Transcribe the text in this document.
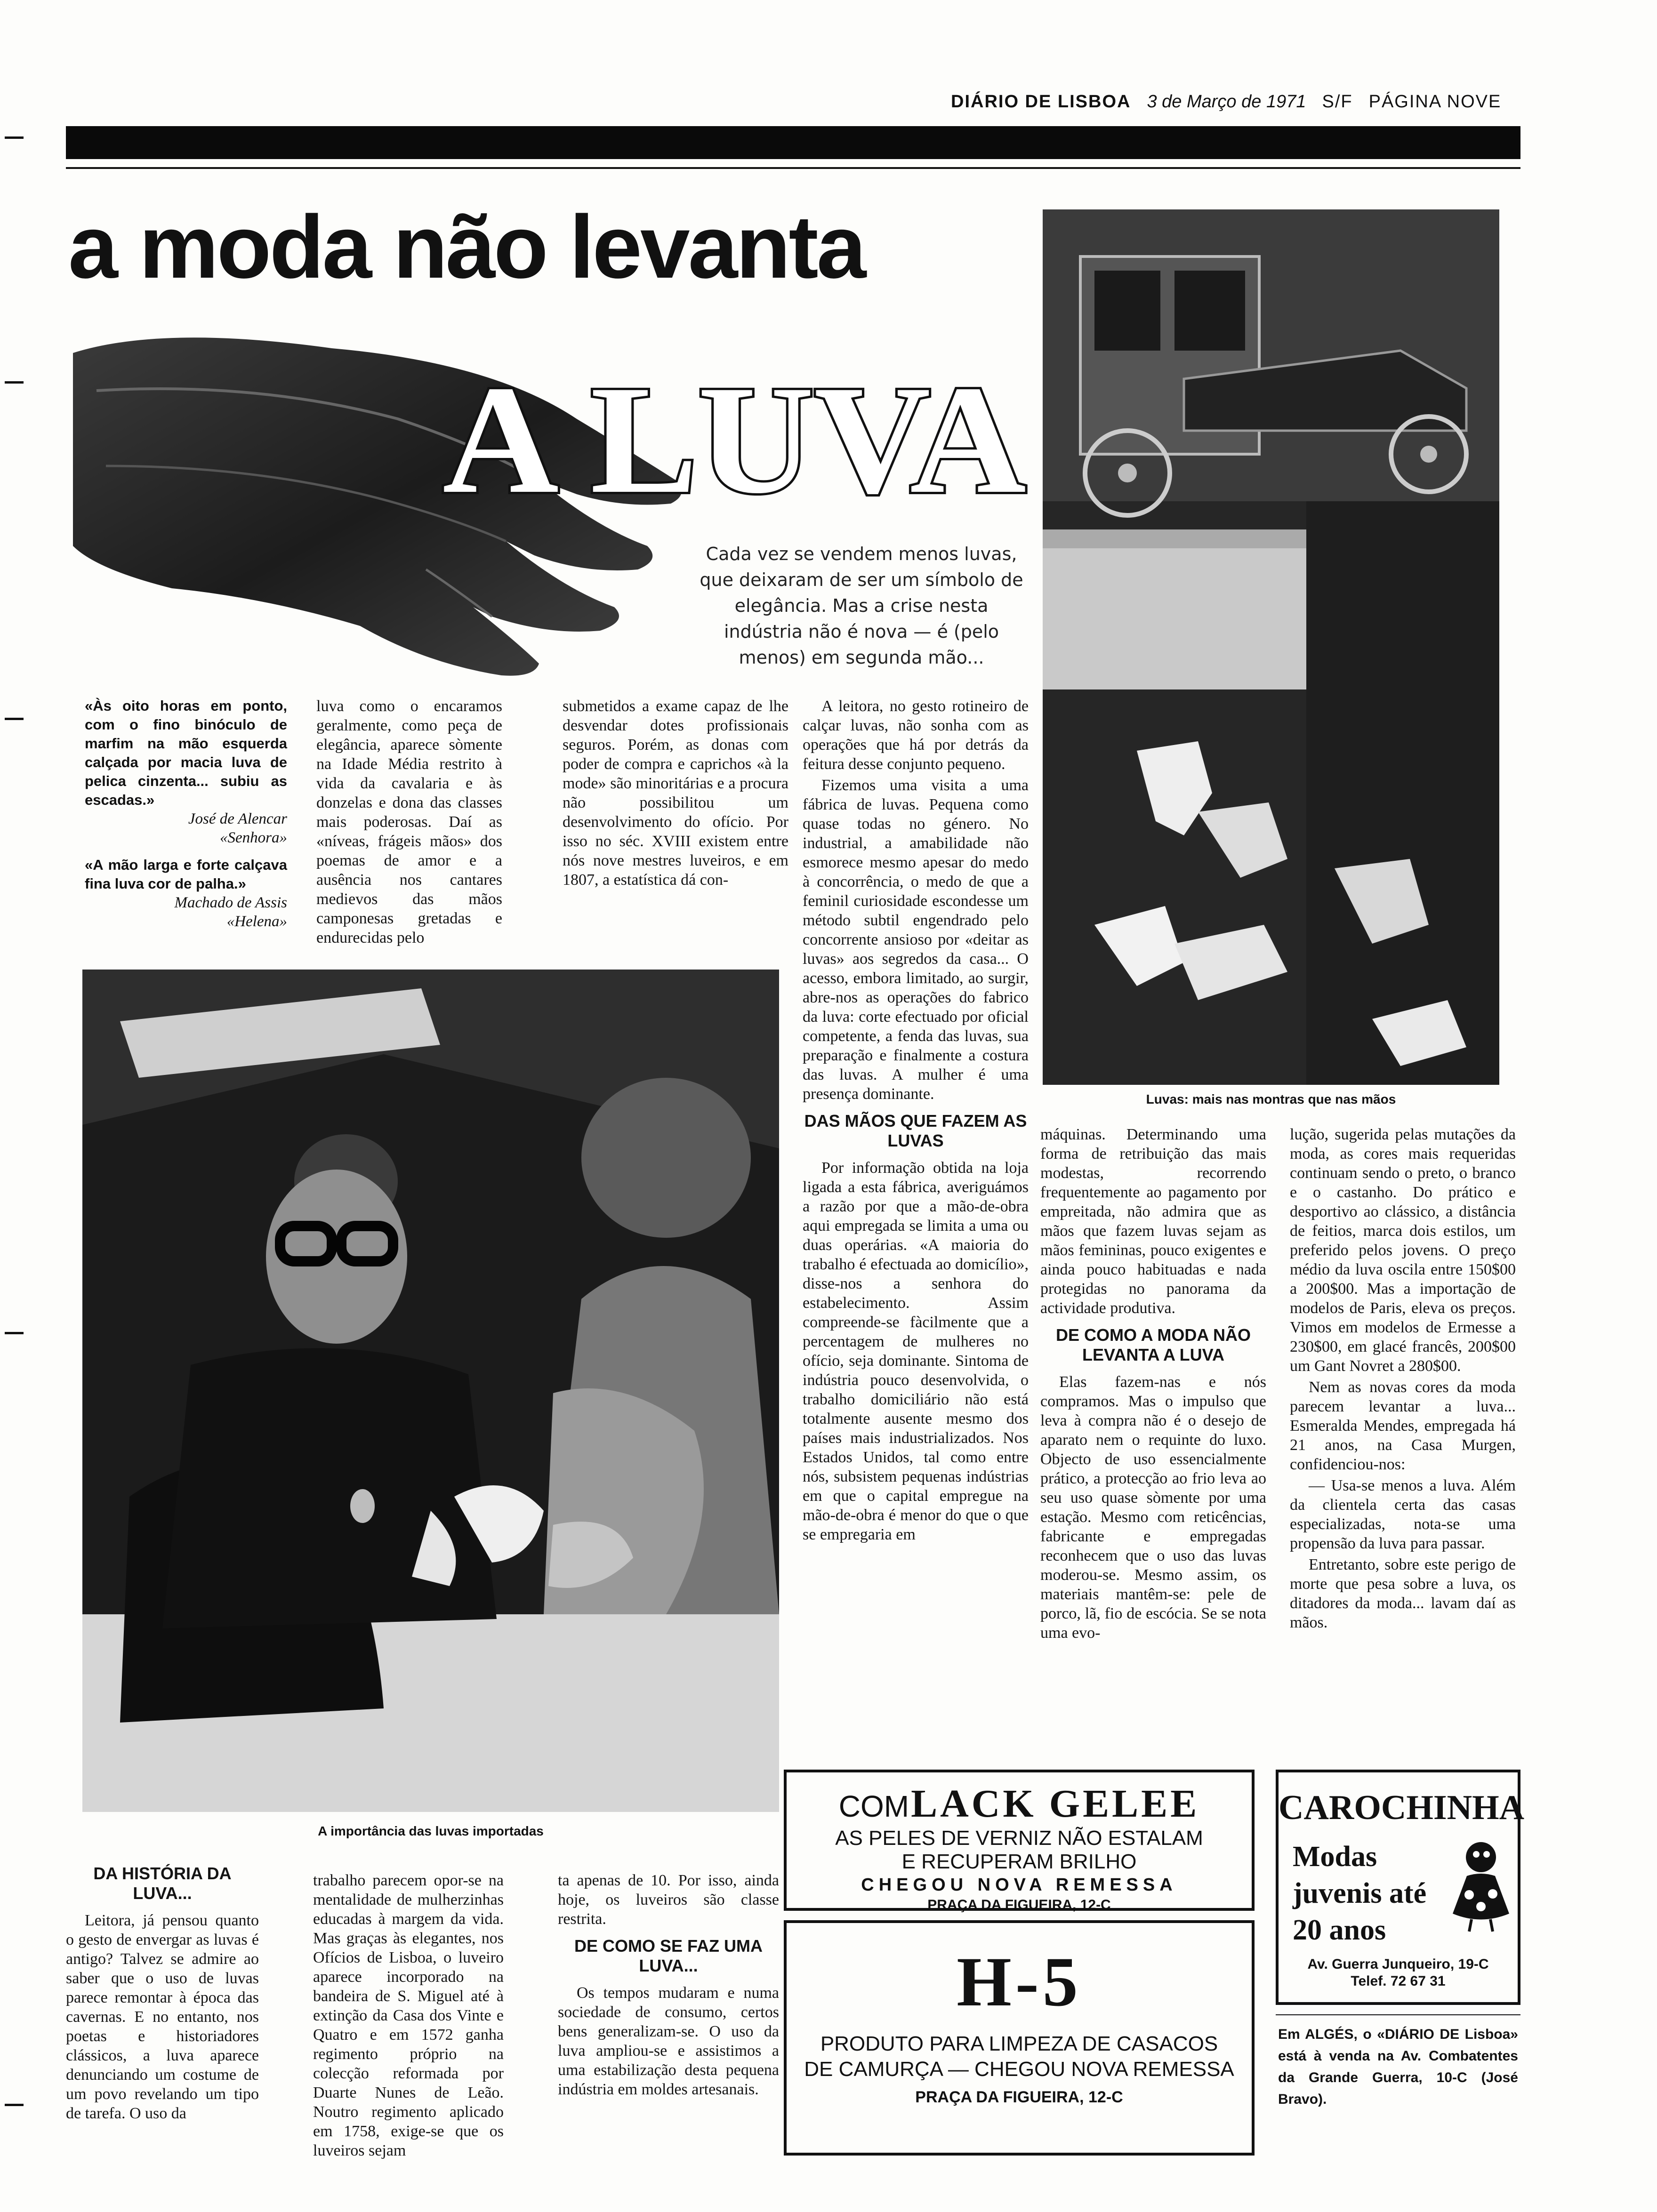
DIÁRIO DE LISBOA 3 de Março de 1971 S/F PÁGINA NOVE
a moda não levanta
A LUVA
Cada vez se vendem menos luvas, que deixaram de ser um símbolo de elegância. Mas a crise nesta indústria não é nova — é (pelo menos) em segunda mão...
Luvas: mais nas montras que nas mãos
«Às oito horas em ponto, com o fino binóculo de marfim na mão esquerda calçada por macia luva de pelica cinzenta... subiu as escadas.»
José de Alencar
«Senhora»
«A mão larga e forte calçava fina luva cor de palha.»
Machado de Assis
«Helena»

luva como o encaramos geralmente, como peça de elegância, aparece sòmente na Idade Média restrito à vida da cavalaria e às donzelas e dona das classes mais poderosas. Daí as «níveas, frágeis mãos» dos poemas de amor e a ausência nos cantares medievos das mãos camponesas gretadas e endurecidas pelo

submetidos a exame capaz de lhe desvendar dotes profissionais seguros. Porém, as donas com poder de compra e caprichos «à la mode» são minoritárias e a procura não possibilitou um desenvolvimento do ofício. Por isso no séc. XVIII existem entre nós nove mestres luveiros, e em 1807, a estatística dá con-

A leitora, no gesto rotineiro de calçar luvas, não sonha com as operações que há por detrás da feitura desse conjunto pequeno.

Fizemos uma visita a uma fábrica de luvas. Pequena como quase todas no género. No industrial, a amabilidade não esmorece mesmo apesar do medo à concorrência, o medo de que a feminil curiosidade escondesse um método subtil engendrado pelo concorrente ansioso por «deitar as luvas» aos segredos da casa... O acesso, embora limitado, ao surgir, abre-nos as operações do fabrico da luva: corte efectuado por oficial competente, a fenda das luvas, sua preparação e finalmente a costura das luvas. A mulher é uma presença dominante.

DAS MÃOS QUE FAZEM AS LUVAS

Por informação obtida na loja ligada a esta fábrica, averiguámos a razão por que a mão-de-obra aqui empregada se limita a uma ou duas operárias. «A maioria do trabalho é efectuada ao domicílio», disse-nos a senhora do estabelecimento. Assim compreende-se fàcilmente que a percentagem de mulheres no ofício, seja dominante. Sintoma de indústria pouco desenvolvida, o trabalho domiciliário não está totalmente ausente mesmo dos países mais industrializados. Nos Estados Unidos, tal como entre nós, subsistem pequenas indústrias em que o capital empregue na mão-de-obra é menor do que o que se empregaria em

máquinas. Determinando uma forma de retribuição das mais modestas, recorrendo frequentemente ao pagamento por empreitada, não admira que as mãos que fazem luvas sejam as mãos femininas, pouco exigentes e ainda pouco habituadas e nada protegidas no panorama da actividade produtiva.

DE COMO A MODA NÃO LEVANTA A LUVA

Elas fazem-nas e nós compramos. Mas o impulso que leva à compra não é o desejo de aparato nem o requinte do luxo. Objecto de uso essencialmente prático, a protecção ao frio leva ao seu uso quase sòmente por uma estação. Mesmo com reticências, fabricante e empregadas reconhecem que o uso das luvas moderou-se. Mesmo assim, os materiais mantêm-se: pele de porco, lã, fio de escócia. Se se nota uma evo-

lução, sugerida pelas mutações da moda, as cores mais requeridas continuam sendo o preto, o branco e o castanho. Do prático e desportivo ao clássico, a distância de feitios, marca dois estilos, um preferido pelos jovens. O preço médio da luva oscila entre 150$00 a 200$00. Mas a importação de modelos de Paris, eleva os preços. Vimos em modelos de Ermesse a 230$00, em glacé francês, 200$00 um Gant Novret a 280$00.

Nem as novas cores da moda parecem levantar a luva... Esmeralda Mendes, empregada há 21 anos, na Casa Murgen, confidenciou-nos:

— Usa-se menos a luva. Além da clientela certa das casas especializadas, nota-se uma propensão da luva para passar.

Entretanto, sobre este perigo de morte que pesa sobre a luva, os ditadores da moda... lavam daí as mãos.

A importância das luvas importadas
DA HISTÓRIA DA LUVA...

Leitora, já pensou quanto o gesto de envergar as luvas é antigo? Talvez se admire ao saber que o uso de luvas parece remontar à época das cavernas. E no entanto, nos poetas e historiadores clássicos, a luva aparece denunciando um costume de um povo revelando um tipo de tarefa. O uso da

trabalho parecem opor-se na mentalidade de mulherzinhas educadas à margem da vida. Mas graças às elegantes, nos Ofícios de Lisboa, o luveiro aparece incorporado na bandeira de S. Miguel até à extinção da Casa dos Vinte e Quatro e em 1572 ganha regimento próprio na colecção reformada por Duarte Nunes de Leão. Noutro regimento aplicado em 1758, exige-se que os luveiros sejam

ta apenas de 10. Por isso, ainda hoje, os luveiros são classe restrita.

DE COMO SE FAZ UMA LUVA...

Os tempos mudaram e numa sociedade de consumo, certos bens generalizam-se. O uso da luva ampliou-se e assistimos a uma estabilização desta pequena indústria em moldes artesanais.

COM LACK GELEE
AS PELES DE VERNIZ NÃO ESTALAM
E RECUPERAM BRILHO
CHEGOU NOVA REMESSA
PRAÇA DA FIGUEIRA, 12-C
H-5
PRODUTO PARA LIMPEZA DE CASACOS
DE CAMURÇA — CHEGOU NOVA REMESSA
PRAÇA DA FIGUEIRA, 12-C
CAROCHINHA
Modas
juvenis até
20 anos
Av. Guerra Junqueiro, 19-C
Telef. 72 67 31
Em ALGÉS, o «DIÁRIO DE Lisboa» está à venda na Av. Combatentes da Grande Guerra, 10-C (José Bravo).
